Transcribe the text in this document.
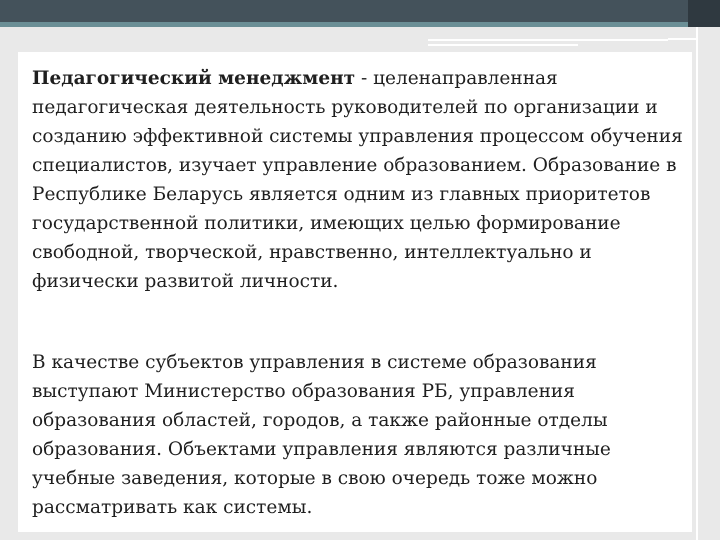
Педагогический менеджмент - целенаправленная педагогическая деятельность руководителей по организации и созданию эффективной системы управления процессом обучения специалистов, изучает управление образованием. Образование в Республике Беларусь является одним из главных приоритетов государственной политики, имеющих целью формирование свободной, творческой, нравственно, интеллектуально и физически развитой личности.

В качестве субъектов управления в системе образования выступают Министерство образования РБ, управления образования областей, городов, а также районные отделы образования. Объектами управления являются различные учебные заведения, которые в свою очередь тоже можно рассматривать как системы.
